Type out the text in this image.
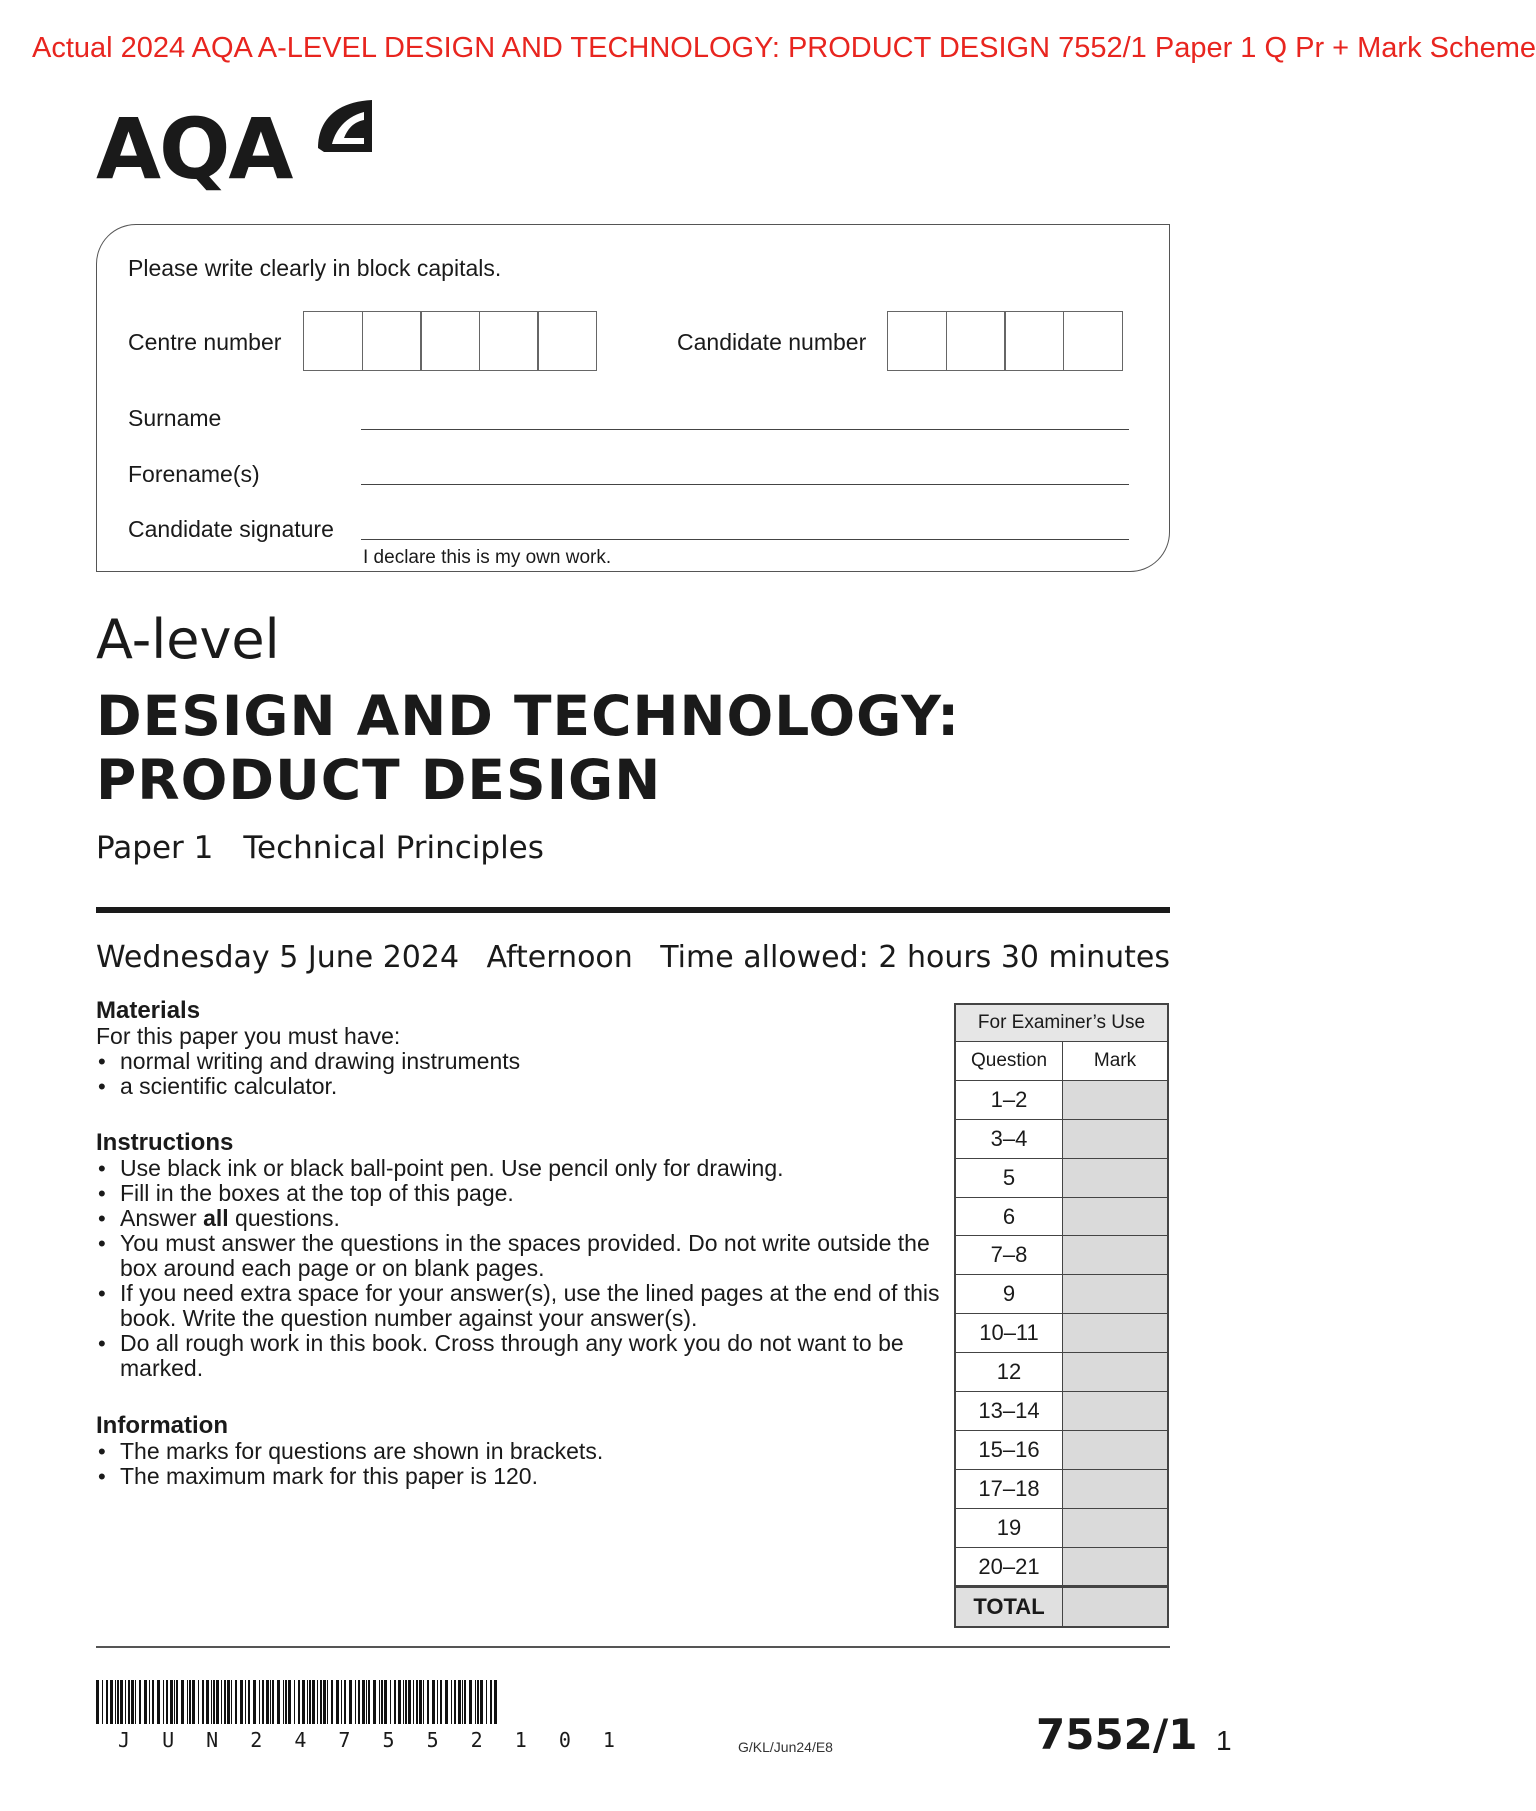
Actual 2024 AQA A-LEVEL DESIGN AND TECHNOLOGY: PRODUCT DESIGN 7552/1 Paper 1 Q Pr + Mark Scheme
AQA
Please write clearly in block capitals.
Centre number	Candidate number
Surname
Forename(s)
Candidate signature
I declare this is my own work.
A-level
DESIGN AND TECHNOLOGY:
PRODUCT DESIGN
Paper 1 Technical Principles
Wednesday 5 June 2024 Afternoon Time allowed: 2 hours 30 minutes
Materials
For this paper you must have:
• normal writing and drawing instruments
• a scientific calculator.
Instructions
• Use black ink or black ball-point pen. Use pencil only for drawing.
• Fill in the boxes at the top of this page.
• Answer all questions.
• You must answer the questions in the spaces provided. Do not write outside the box around each page or on blank pages.
• If you need extra space for your answer(s), use the lined pages at the end of this book. Write the question number against your answer(s).
• Do all rough work in this book. Cross through any work you do not want to be marked.
Information
• The marks for questions are shown in brackets.
• The maximum mark for this paper is 120.
For Examiner’s Use
Question	Mark
1–2
3–4
5
6
7–8
9
10–11
12
13–14
15–16
17–18
19
20–21
TOTAL
J U N 2 4 7 5 5 2 1 0 1	G/KL/Jun24/E8	7552/1 1
